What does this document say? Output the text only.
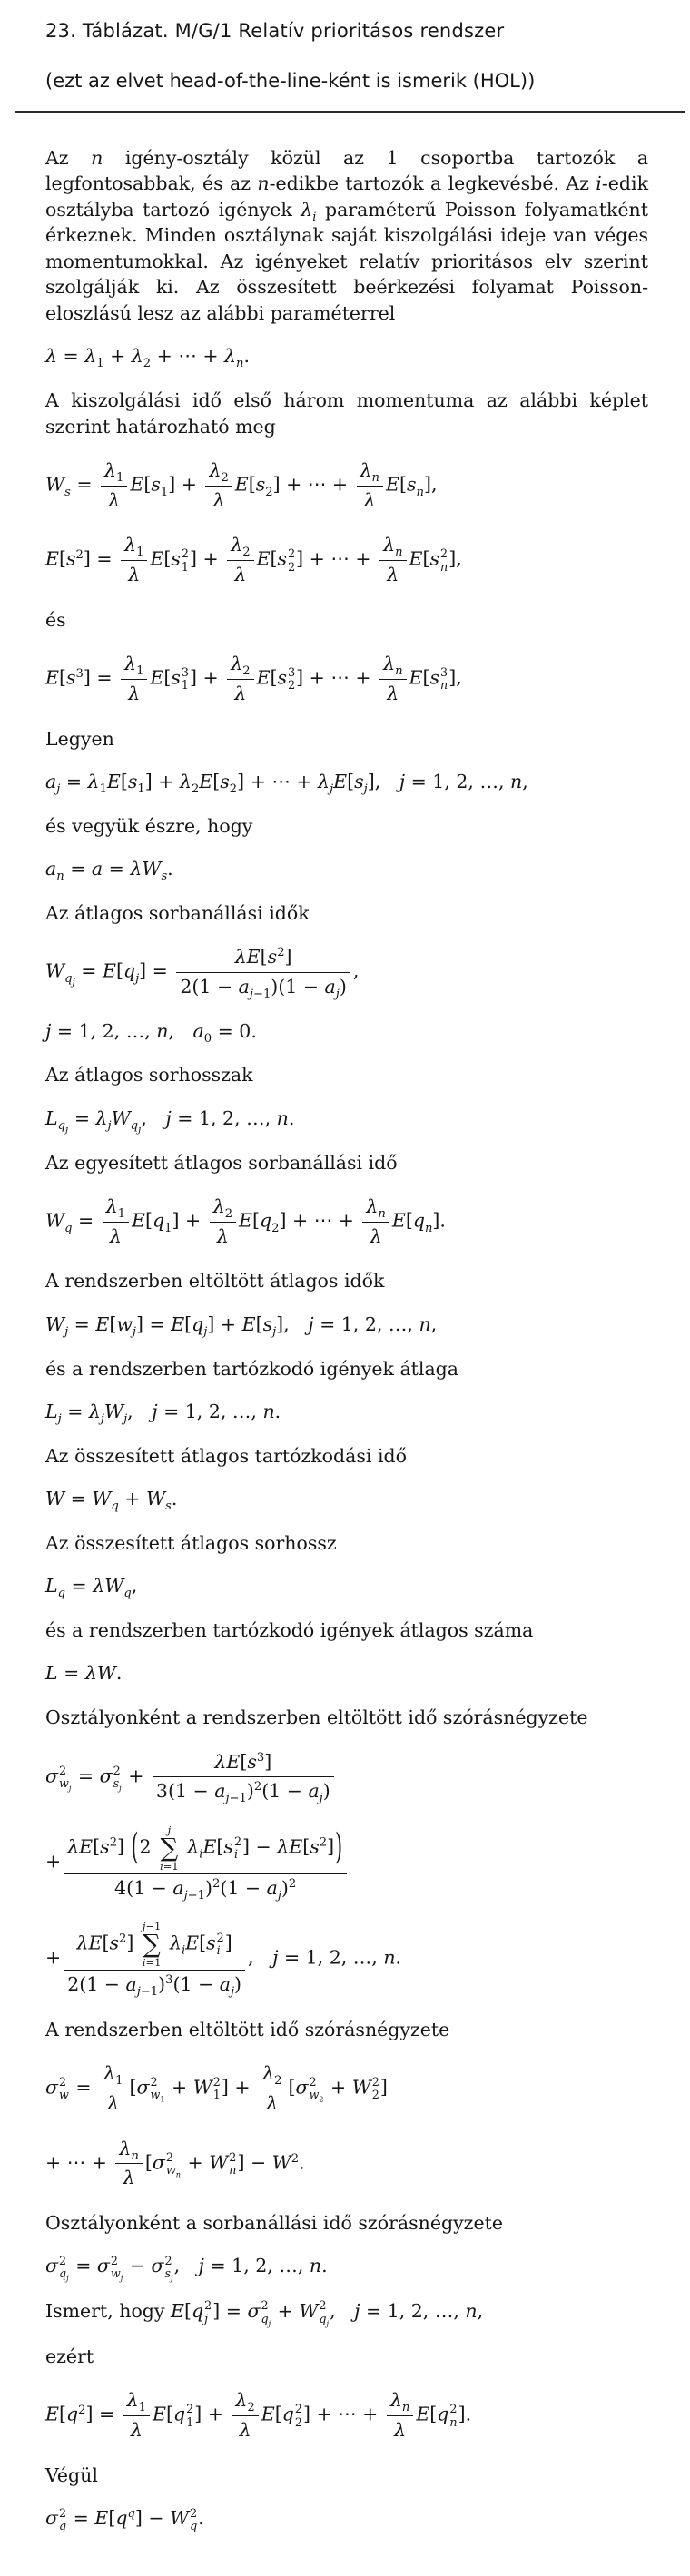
23. Táblázat. M/G/1 Relatív prioritásos rendszer

(ezt az elvet head-of-the-line-ként is ismerik (HOL))

Az n igény-osztály közül az 1 csoportba tartozók a legfontosabbak, és az n-edikbe tartozók a legkevésbé. Az i-edik osztályba tartozó igények $\lambda_i$ paraméterű Poisson folyamatként érkeznek. Minden osztálynak saját kiszolgálási ideje van véges momentumokkal. Az igényeket relatív prioritásos elv szerint szolgálják ki. Az összesített beérkezési folyamat Poisson-eloszlású lesz az alábbi paraméterrel

$\lambda = \lambda_1 + \lambda_2$ + ⋯ + $\lambda_n$.

A kiszolgálási idő első három momentuma az alábbi képlet szerint határozható meg

$W_s = \frac{\lambda_1}{\lambda} E[s_1] + \frac{\lambda_2}{\lambda} E[s_2]$ + ⋯ + $\frac{\lambda_n}{\lambda} E[s_n]$,
$E[s^2] = \frac{\lambda_1}{\lambda} E[s$ 2
1 ] + $\frac{\lambda_2}{\lambda} E[s$ 2
2 ] + ⋯ + $\frac{\lambda_n}{\lambda} E[s$ 2
n ],

és

$E[s^3] = \frac{\lambda_1}{\lambda} E[s$ 3
1 ] + $\frac{\lambda_2}{\lambda} E[s$ 3
2 ] + ⋯ + $\frac{\lambda_n}{\lambda} E[s$ 3
n ],

Legyen

$a_j = \lambda_1E[s_1] + \lambda_2E[s_2]$ + ⋯ + $\lambda_jE[s_j]$, j = 1, 2, …, n,

és vegyük észre, hogy

$a_n = a = \lambda W_s$.

Az átlagos sorbanállási idők

$W_{q_j} = E[q_j] = \frac{\lambda E[s^2]}{2(1 - a_{j-1})(1 - a_j)}$ ,
j = 1, 2, …, n, $a_0 = 0$.

Az átlagos sorhosszak

$L_{q_j} = \lambda_jW_{q_j}$, j = 1, 2, …, n.

Az egyesített átlagos sorbanállási idő

$W_q = \frac{\lambda_1}{\lambda} E[q_1] + \frac{\lambda_2}{\lambda} E[q_2]$ + ⋯ + $\frac{\lambda_n}{\lambda} E[q_n]$.

A rendszerben eltöltött átlagos idők

$W_j = E[w_j] = E[q_j] + E[s_j]$, j = 1, 2, …, n,

és a rendszerben tartózkodó igények átlaga

$L_j = \lambda_jW_j$, j = 1, 2, …, n.

Az összesített átlagos tartózkodási idő

$W = W_q + W_s$.

Az összesített átlagos sorhossz

$L_q = \lambda W_q$,

és a rendszerben tartózkodó igények átlagos száma

L = λW.

Osztályonként a rendszerben eltöltött idő szórásnégyzete

σ 2
$w_j$
= σ 2
$s_j$
+ $\frac{\lambda E[s^3]}{3(1 - a_{j-1})^2(1 - a_j)}$
+
$\lambda E[s^2]$ (2
j
∑
i=1
$\lambda_iE[s$ 2
i ] − $\lambda E[s^2]$)
$4(1 - a_{j-1})^2(1 - a_j)^2$
+
$\lambda E[s^2]$
j−1
∑
i=1
$\lambda_iE[s$ 2
i ]
$2(1 - a_{j-1})^3(1 - a_j)$
, j = 1, 2, …, n.

A rendszerben eltöltött idő szórásnégyzete

σ 2
$w = \frac{\lambda_1}{\lambda} [\sigma$ 2
$w_1$
+ W 2
1 ] + $\frac{\lambda_2}{\lambda} [\sigma$ 2
$w_2$
+ W 2
2 ]
+ ⋯ + $\frac{\lambda_n}{\lambda} [\sigma$ 2
$w_n$
+ W 2
n ] − $W^2$.

Osztályonként a sorbanállási idő szórásnégyzete

σ 2
$q_j$
= σ 2
$w_j$
− σ 2
$s_j$
, j = 1, 2, …, n.

Ismert, hogy E[q 2
j ] = σ 2
$q_j$
+ W 2
$q_j$
, j = 1, 2, …, n,

ezért

$E[q^2] = \frac{\lambda_1}{\lambda} E[q$ 2
1 ] + $\frac{\lambda_2}{\lambda} E[q$ 2
2 ] + ⋯ + $\frac{\lambda_n}{\lambda} E[q$ 2
n ].

Végül

σ 2
$q = E[q^q] - W$ 2
q .
